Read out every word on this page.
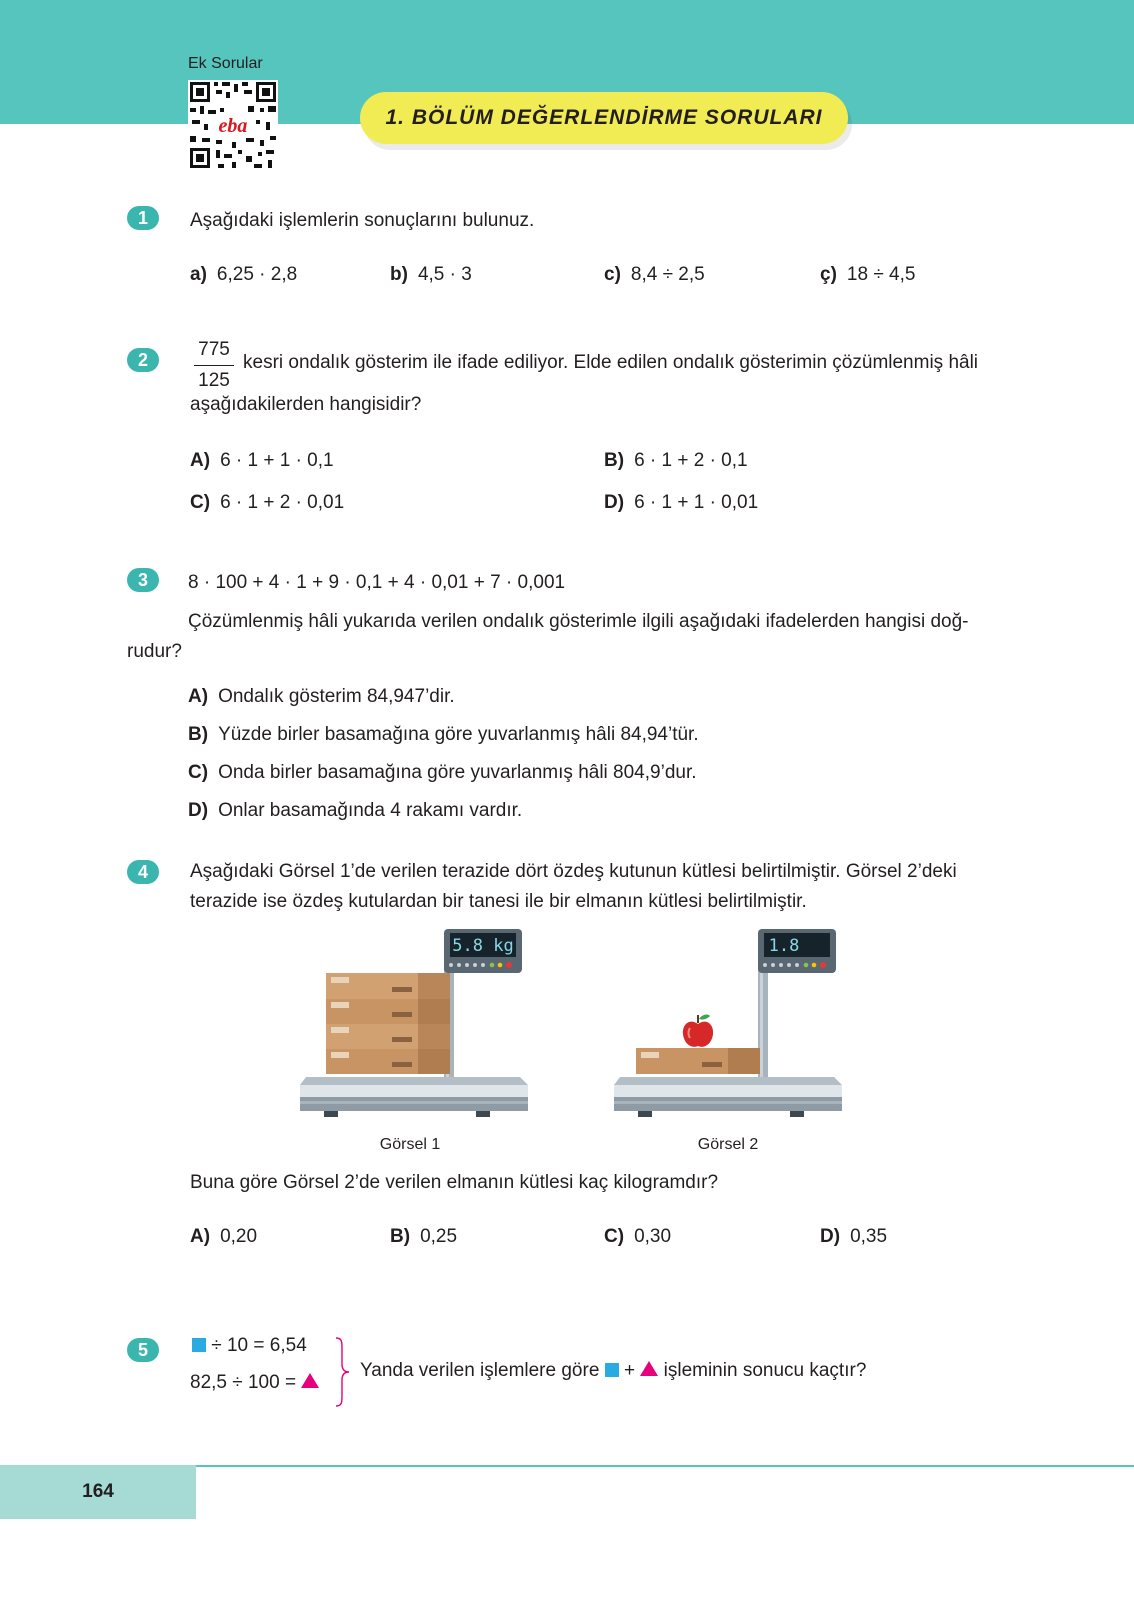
Ek Sorular
eba	1. BÖLÜM DEĞERLENDİRME SORULARI
1	Aşağıdaki işlemlerin sonuçlarını bulunuz.
a) 6,25 · 2,8	b) 4,5 · 3	c) 8,4 ÷ 2,5	ç) 18 ÷ 4,5
2	$\frac{775}{125}$ kesri ondalık gösterim ile ifade ediliyor. Elde edilen ondalık gösterimin çözümlenmiş hâli
aşağıdakilerden hangisidir?
A) 6 · 1 + 1 · 0,1	B) 6 · 1 + 2 · 0,1
C) 6 · 1 + 2 · 0,01	D) 6 · 1 + 1 · 0,01
3	8 · 100 + 4 · 1 + 9 · 0,1 + 4 · 0,01 + 7 · 0,001
Çözümlenmiş hâli yukarıda verilen ondalık gösterimle ilgili aşağıdaki ifadelerden hangisi doğ-
rudur?
A) Ondalık gösterim 84,947’dir.
B) Yüzde birler basamağına göre yuvarlanmış hâli 84,94’tür.
C) Onda birler basamağına göre yuvarlanmış hâli 804,9’dur.
D) Onlar basamağında 4 rakamı vardır.
4	Aşağıdaki Görsel 1’de verilen terazide dört özdeş kutunun kütlesi belirtilmiştir. Görsel 2’deki
terazide ise özdeş kutulardan bir tanesi ile bir elmanın kütlesi belirtilmiştir.
5.8 kg
Görsel 1
1.8
Görsel 2
Buna göre Görsel 2’de verilen elmanın kütlesi kaç kilogramdır?
A) 0,20	B) 0,25	C) 0,30	D) 0,35
5	÷ 10 = 6,54
82,5 ÷ 100 =
Yanda verilen işlemlere göre + işleminin sonucu kaçtır?
164
